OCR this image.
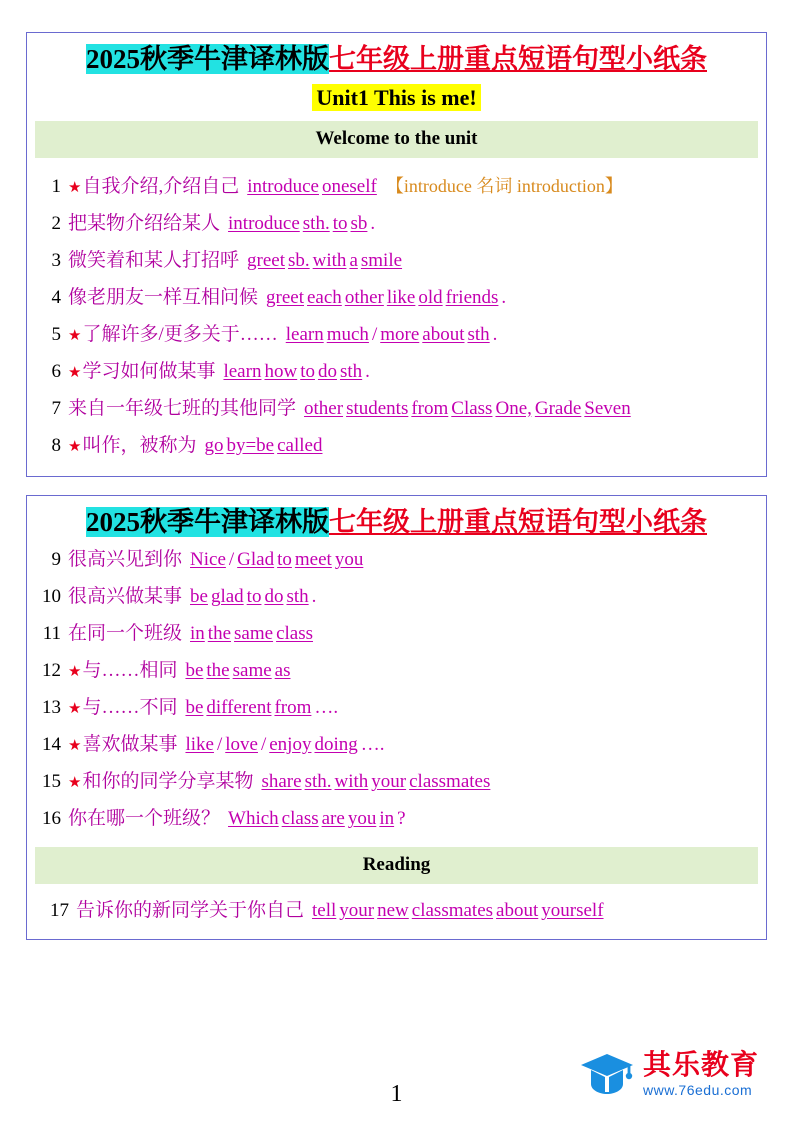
2025秋季牛津译林版七年级上册重点短语句型小纸条
Unit1 This is me!
Welcome to the unit
1 ★ 自我介绍,介绍自己 introduce oneself 【introduce 名词 introduction】
2 把某物介绍给某人 introduce sth. to sb .
3 微笑着和某人打招呼 greet sb. with a smile
4 像老朋友一样互相问候 greet each other like old friends .
5 ★ 了解许多/更多关于…… learn much / more about sth .
6 ★ 学习如何做某事 learn how to do sth .
7 来自一年级七班的其他同学 other students from Class One, Grade Seven
8 ★ 叫作，被称为 go by=be called
2025秋季牛津译林版七年级上册重点短语句型小纸条
9 很高兴见到你 Nice / Glad to meet you
10 很高兴做某事 be glad to do sth .
11 在同一个班级 in the same class
12 ★ 与……相同 be the same as
13 ★ 与……不同 be different from ….
14 ★ 喜欢做某事 like / love / enjoy doing ….
15 ★ 和你的同学分享某物 share sth. with your classmates
16 你在哪一个班级？ Which class are you in ?
Reading
17 告诉你的新同学关于你自己 tell your new classmates about yourself
1
其乐教育
www.76edu.com
